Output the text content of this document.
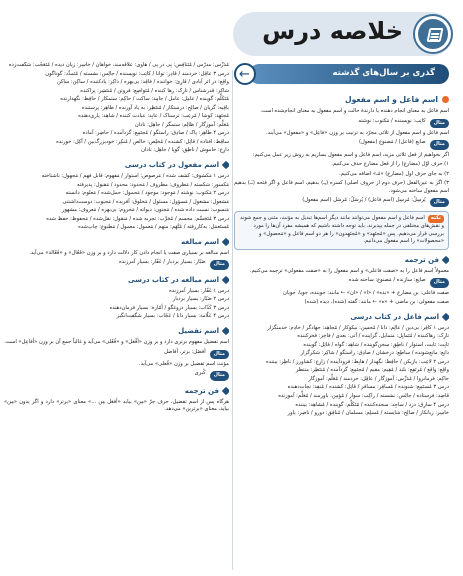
خلاصه درس
گذری بر سال‌های گذشته
←
اسم فاعل و اسم مفعول

اسم فاعل به معنای انجام دهنده یا دارندهٔ حالت و اسم مفعول به معنای انجام‌شده است.

مثال
کاتِب: نویسنده / مَکتوب: نوشته

اسم فاعل و اسم مفعول از ثلاثی مجرّد به ترتیب بر وزن «فاعِل» و «مفعول» می‌آیند.

مثال
صانِع (فاعل) / مَصنوع (مفعول)

اگر بخواهیم از فعل ثلاثی مزید، اسم فاعل و اسم مفعول بسازیم به روش زیر عمل می‌کنیم:

۱) حرف اوّل (مضارع) را از فعل مضارع حذف می‌کنیم.

۲) به جای حرف اول (مضارع) «مُـ» اضافه می‌کنیم.

۳) اگر به عین‌الفعل (حرف دوم از حروف اصلی) کسره (ـِـ) بدهیم، اسم فاعل و اگر فتحه (ـَـ) بدهیم اسم مفعول ساخته می‌شود.

مثال
یُرسِلُ: مُرسِل (اسم فاعل) / یُرسَلُ: مُرسَل (اسم مفعول)
نکتهاسم فاعل و اسم مفعول می‌توانند مانند دیگر اسم‌ها تبدیل به مؤنث، مثنی و جمع شوند و نقش‌های مختلفی در جمله بپذیرند. باید توجه داشته باشیم که همیشه مفرد آن‌ها را مورد بررسی قرار می‌دهیم. پس «مُجتَهِد» و «مُجتَهِدون» را هر دو اسم فاعل و «مَحصول» و «محصولات» را اسم مفعول می‌دانیم.
فن ترجمه

معمولاً اسم فاعل را به «صفت فاعلی» و اسم مفعول را به «صفت مفعولی» ترجمه می‌کنیم.

مثال
صانِع: سازنده / مَصنوع: ساخته شده

صفت فاعلی: بن مضارع + «نده» / «ا» / «ان» ← مانند: جوینده، جویا، جویان

صفت مفعولی: بن ماضی + «ه» ← مانند: گفته (شده)، دیده (شده)

اسم فاعل در کتاب درسی

درس ۱ کافِر: بی‌دین / عالِم: دانا / مُحسِن: نیکوکار / مُجاهِد: جهادگر / خادِم: خدمتگزار

تارِک: رهاکننده / مُتَمایِل: متمایل، گراینده / آتی: بعدی / فاخِر: فخرکننده

ثابِت: ثابت، استوار / ناطِق: سخن‌گوینده / شاهِد: گواه / قائِل: گوینده

دانِع: مانع‌شونده / ساطِع: درخشان / صادِق: راستگو / شاکِر: شکرگزار

درس ۲ لاعِب: بازیکن / حافِظ: نگهدار / هابِط: فرودآینده / زارِع: کشاورز / ناظِر: بیننده

واقِع: واقع / مُرتَفِع: بلند / مُقِیم: مقیم / مُجتَمِع: گردآمده / مُنتَظِر: منتظر

حاکِم: فرمانروا / مُدَرِّس: آموزگار / عاقِل: خردمند / مُعَلِّم: آموزگار

درس ۳ مُستَمِع: شنونده / مُسافِر: مسافر / قاتِل: کشنده / مُنقِذ: نجات‌دهنده

قاصِد: فرستاده / جالِس: نشسته / راکِب: سوار / مُؤمِن: باورمند / مُعَلِّم: آموزنده

درس ۴ سارِق: دزد / ساجِد: سجده‌کننده / مُتَکَلِّم: گوینده / مُشاهِد: بیننده

خاسِر: زیانکار / صالِح: شایسته / مُسلِم: مسلمان / مُنافِق: دورو / ناصِر: یاور

مُدَرِّس: مدرّس / مُتَنافِس: پی در پی / هاوی: علاقه‌مند، خواهان / خاسِر: زیان دیده / مُتَعَجِّب: شگفت‌زده

درس ۳ عاقِل: خردمند / قادِر: توانا / کاتِب: نویسنده / جالِس: نشسته / مُتَمدِّد: گوناگون

واقِع: در اثر آبادی / قارِئ: خواننده / فاقِد: بی‌بهره / ذاکِر: یادکننده / ساکِن: ساکن

شاکِر: قدرشناس / تارِک: رها کننده / مُتَواضِع: فروتن / مُنتَشِر: پراکنده

مُتَکَلِّم: گوینده / عامِل: عامل / جامِد: ساکت / حاکِم: ستمکار / حافِظ: نگهدارنده

باقِیه: گریان / صالِح: درستکار / مُنتَظِر: به یاد آورنده / طاهِر: پرستنده

مُجتَهِد: کوشا / مُرعِب: ترسناک / عابِد: عبادت کننده / شاهِد: یاری‌دهنده

مُعَلِّم: آموزگار / ظالِم: ستمگر / جاهِل: نادان

درس ۴ طاهِر: پاک / صادِق: راستگو / مُجتَمِع: گردآمده / حاضِر: آماده

ساقِط: افتاده / قاتِل: کشنده / مُخلِص: خالص / مُنکِر: خودبزرگ‌بین / آکِل: خورنده

دارِع: خاموش / ناطِق: گویا / جاهِل: نادان

اسم مفعول در کتاب درسی

درس ۱ مَکشوف: کشف شده / مَرصوص: استوار / مَفهوم: قابل فهم / مَجهول: ناشناخته

مَکسور: شکسته / مَظروف: مظروف / مَحدود: محدود / مَقبول: پذیرفته

درس ۲ مَکتوب: نوشته / مَوجود: موجود / مَحمول: حمل‌شده / مَعلوم: دانسته

مَشغول: مشغول / مَسؤول: مسئول / مَخلوق: آفریده / مَحبوب: دوست‌داشتنی

مَنسوب: نسبت داده شده / مَجنون: دیوانه / مَحروم: بی‌بهره / مَعروف: مشهور

درس ۳ مُتَجَسِّم: مجسم / مُجَرَّب: تجربه شده / مَنقول: نقل‌شده / مَحفوظ: حفظ شده

مُستَعمَل: به‌کاررفته / مُتَّهَم: متهم / مَعمول: معمول / مَطبوع: چاپ‌شده

اسم مبالغه

اسم مبالغه بر بسیاری صفت یا انجام دادن کار دلالت دارد و بر وزن «فَعّال» و «فَعّالة» می‌آید.

مثال
صَبّار: بسیار بردبار / غَفّار: بسیار آمرزنده
اسم مبالغه در کتاب درسی

درس ۱ غَفّار: بسیار آمرزنده

درس ۲ صَبّار: بسیار بردبار

درس ۳ کَذّاب: بسیار دروغگو / أمّارة: بسیار فرمان‌دهنده

درس ۴ عَلّامة: بسیار دانا / عَجّاب: بسیار شگفت‌انگیز

اسم تفضیل

اسم تفضیل مفهوم برتری دارد و بر وزن «أفْعَل» و «فُعْلی» می‌آید و غالباً جمع آن بر وزن «أفاعِل» است.

مثال
أفضَل: برتر، أفاضل

مؤنث اسم تفضیل بر وزن «فُعلی» می‌آید.

مثال
کُبری
فن ترجمه

هرگاه پس از اسم تفضیل، حرف جرّ «مِن» بیاید «أفعَل مِن ...» معنای «برتر» دارد و اگر بدون «مِن» بیاید، معنای «برترین» می‌دهد.
